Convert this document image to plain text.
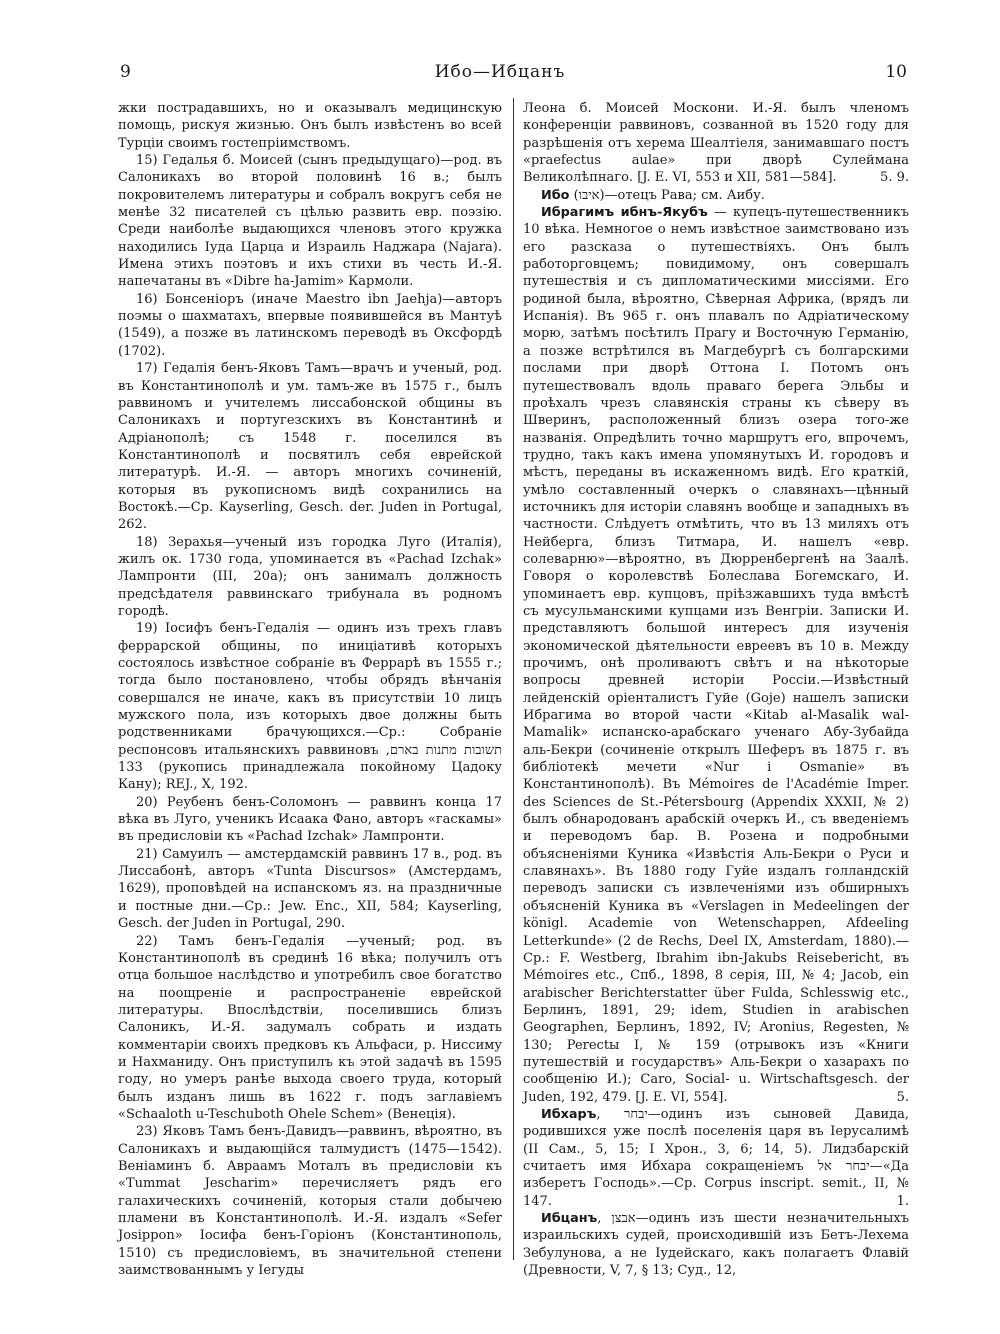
9	Ибо—Ибцанъ	10

жки пострадавшихъ, но и оказывалъ медицинскую помощь, рискуя жизнью. Онъ былъ извѣстенъ во всей Турціи своимъ гостепріимствомъ.

15) Гедалья б. Моисей (сынъ предыдущаго)—род. въ Салоникахъ во второй половинѣ 16 в.; былъ покровителемъ литературы и собралъ вокругъ себя не менѣе 32 писателей съ цѣлью развить евр. поэзію. Среди наиболѣе выдающихся членовъ этого кружка находились Іуда Царца и Израиль Наджара (Najara). Имена этихъ поэтовъ и ихъ стихи въ честь И.-Я. напечатаны въ «Dibre ha-Jamim» Кармоли.

16) Бонсеніоръ (иначе Maestro ibn Jaehja)—авторъ поэмы о шахматахъ, впервые появившейся въ Мантуѣ (1549), а позже въ латинскомъ переводѣ въ Оксфордѣ (1702).

17) Гедалія бенъ-Яковъ Тамъ—врачъ и ученый, род. въ Константинополѣ и ум. тамъ-же въ 1575 г., былъ раввиномъ и учителемъ лиссабонской общины въ Салоникахъ и португезскихъ въ Константинѣ и Адріанополѣ; съ 1548 г. поселился въ Константинополѣ и посвятилъ себя еврейской литературѣ. И.-Я. — авторъ многихъ сочиненій, которыя въ рукописномъ видѣ сохранились на Востокѣ.—Ср. Kayserling, Gesch. der. Juden in Portugal, 262.

18) Зерахья—ученый изъ городка Луго (Италія), жилъ ок. 1730 года, упоминается въ «Pachad Izchak» Лампронти (III, 20а); онъ занималъ должность предсѣдателя раввинскаго трибунала въ родномъ городѣ.

19) Іосифъ бенъ-Гедалія — одинъ изъ трехъ главъ феррарской общины, по иниціативѣ которыхъ состоялось извѣстное собраніе въ Феррарѣ въ 1555 г.; тогда было постановлено, чтобы обрядъ вѣнчанія совершался не иначе, какъ въ присутствіи 10 лицъ мужского пола, изъ которыхъ двое должны быть родственниками брачующихся.—Ср.: Собраніе респонсовъ итальянскихъ раввиновъ תשובות מתנות בארם, 133 (рукопись принадлежала покойному Цадоку Кану); REJ., X, 192.

20) Реубенъ бенъ-Соломонъ — раввинъ конца 17 вѣка въ Луго, ученикъ Исаака Фано, авторъ «гаскамы» въ предисловіи къ «Pachad Izchak» Лампронти.

21) Самуилъ — амстердамскій раввинъ 17 в., род. въ Лиссабонѣ, авторъ «Tunta Discursos» (Амстердамъ, 1629), проповѣдей на испанскомъ яз. на праздничные и постные дни.—Ср.: Jew. Enc., XII, 584; Kayserling, Gesch. der Juden in Portugal, 290.

22) Тамъ бенъ-Гедалія —ученый; род. въ Константинополѣ въ срединѣ 16 вѣка; получилъ отъ отца большое наслѣдство и употребилъ свое богатство на поощреніе и распространеніе еврейской литературы. Впослѣдствіи, поселившись близъ Салоникъ, И.-Я. задумалъ собрать и издать комментаріи своихъ предковъ къ Альфаси, р. Ниссиму и Нахманиду. Онъ приступилъ къ этой задачѣ въ 1595 году, но умеръ ранѣе выхода своего труда, который былъ изданъ лишь въ 1622 г. подъ заглавіемъ «Schaaloth u-Teschuboth Ohele Schem» (Венеція).

23) Яковъ Тамъ бенъ-Давидъ—раввинъ, вѣроятно, въ Салоникахъ и выдающійся талмудистъ (1475—1542). Веніаминъ б. Авраамъ Моталъ въ предисловіи къ «Tummat Jescharim» перечисляетъ рядъ его галахическихъ сочиненій, которыя стали добычею пламени въ Константинополѣ. И.-Я. издалъ «Sefer Josippon» Іосифа бенъ-Горіонъ (Константинополь, 1510) съ предисловіемъ, въ значительной степени заимствованнымъ у Іегуды

Леона б. Моисей Москони. И.-Я. былъ членомъ конференціи раввиновъ, созванной въ 1520 году для разрѣшенія отъ херема Шеалтіеля, занимавшаго постъ «praefectus aulae» при дворѣ Сулеймана Великолѣпнаго. [J. E. VI, 553 и XII, 581—584].	5. 9.

Ибо (איבו)—отецъ Рава; см. Аибу.

Ибрагимъ ибнъ-Якубъ — купецъ-путешественникъ 10 вѣка. Немногое о немъ извѣстное заимствовано изъ его разсказа о путешествіяхъ. Онъ былъ работорговцемъ; повидимому, онъ совершалъ путешествія и съ дипломатическими миссіями. Его родиной была, вѣроятно, Сѣверная Африка, (врядъ ли Испанія). Въ 965 г. онъ плавалъ по Адріатическому морю, затѣмъ посѣтилъ Прагу и Восточную Германію, а позже встрѣтился въ Магдебургѣ съ болгарскими послами при дворѣ Оттона I. Потомъ онъ путешествовалъ вдоль праваго берега Эльбы и проѣхалъ чрезъ славянскія страны къ сѣверу въ Шверинъ, расположенный близъ озера того-же названія. Опредѣлить точно маршрутъ его, впрочемъ, трудно, такъ какъ имена упомянутыхъ И. городовъ и мѣстъ, переданы въ искаженномъ видѣ. Его краткій, умѣло составленный очеркъ о славянахъ—цѣнный источникъ для исторіи славянъ вообще и западныхъ въ частности. Слѣдуетъ отмѣтить, что въ 13 миляхъ отъ Нейберга, близъ Титмара, И. нашелъ «евр. солеварню»—вѣроятно, въ Дюрренбергенѣ на Заалѣ. Говоря о королевствѣ Болеслава Богемскаго, И. упоминаетъ евр. купцовъ, пріѣзжавшихъ туда вмѣстѣ съ мусульманскими купцами изъ Венгріи. Записки И. представляютъ большой интересъ для изученія экономической дѣятельности евреевъ въ 10 в. Между прочимъ, онѣ проливаютъ свѣтъ и на нѣкоторые вопросы древней исторіи Россіи.—Извѣстный лейденскій оріенталистъ Гуйе (Goje) нашелъ записки Ибрагима во второй части «Kitab al-Masalik wal-Mamalik» испанско-арабскаго ученаго Абу-Зубайда аль-Бекри (сочиненіе открылъ Шеферъ въ 1875 г. въ библіотекѣ мечети «Nur i Osmanie» въ Константинополѣ). Въ Mémoires de l'Académie Imper. des Sciences de St.-Pétersbourg (Appendix XXXII, № 2) былъ обнародованъ арабскій очеркъ И., съ введеніемъ и переводомъ бар. В. Розена и подробными объясненіями Куника «Извѣстія Аль-Бекри о Руси и славянахъ». Въ 1880 году Гуйе издалъ голландскій переводъ записки съ извлеченіями изъ обширныхъ объясненій Куника въ «Verslagen in Medeelingen der königl. Academie von Wetenschappen, Afdeeling Letterkunde» (2 de Rechs, Deel IX, Amsterdam, 1880).—Ср.: F. Westberg, Ibrahim ibn-Jakubs Reisebericht, въ Mémoires etc., Спб., 1898, 8 серія, III, № 4; Jacob, ein arabischer Berichterstatter über Fulda, Schlesswig etc., Берлинъ, 1891, 29; idem, Studien in arabischen Geographen, Берлинъ, 1892, IV; Aronius, Regesten, № 130; Perectы I, № 159 (отрывокъ изъ «Книги путешествій и государствъ» Аль-Бекри о хазарахъ по сообщенію И.); Caro, Social- u. Wirtschaftsgesch. der Juden, 192, 479. [J. E. VI, 554].	5.

Ибхаръ, יבחר—одинъ изъ сыновей Давида, родившихся уже послѣ поселенія царя въ Іерусалимѣ (II Сам., 5, 15; I Хрон., 3, 6; 14, 5). Лидзбарскій считаетъ имя Ибхара сокращеніемъ יבחר אל—«Да изберетъ Господь».—Ср. Corpus inscript. semit., II, № 147.	1.

Ибцанъ, אבצן—одинъ изъ шести незначительныхъ израильскихъ судей, происходившій изъ Бетъ-Лехема Зебулунова, а не Іудейскаго, какъ полагаетъ Флавій (Древности, V, 7, § 13; Суд., 12,
